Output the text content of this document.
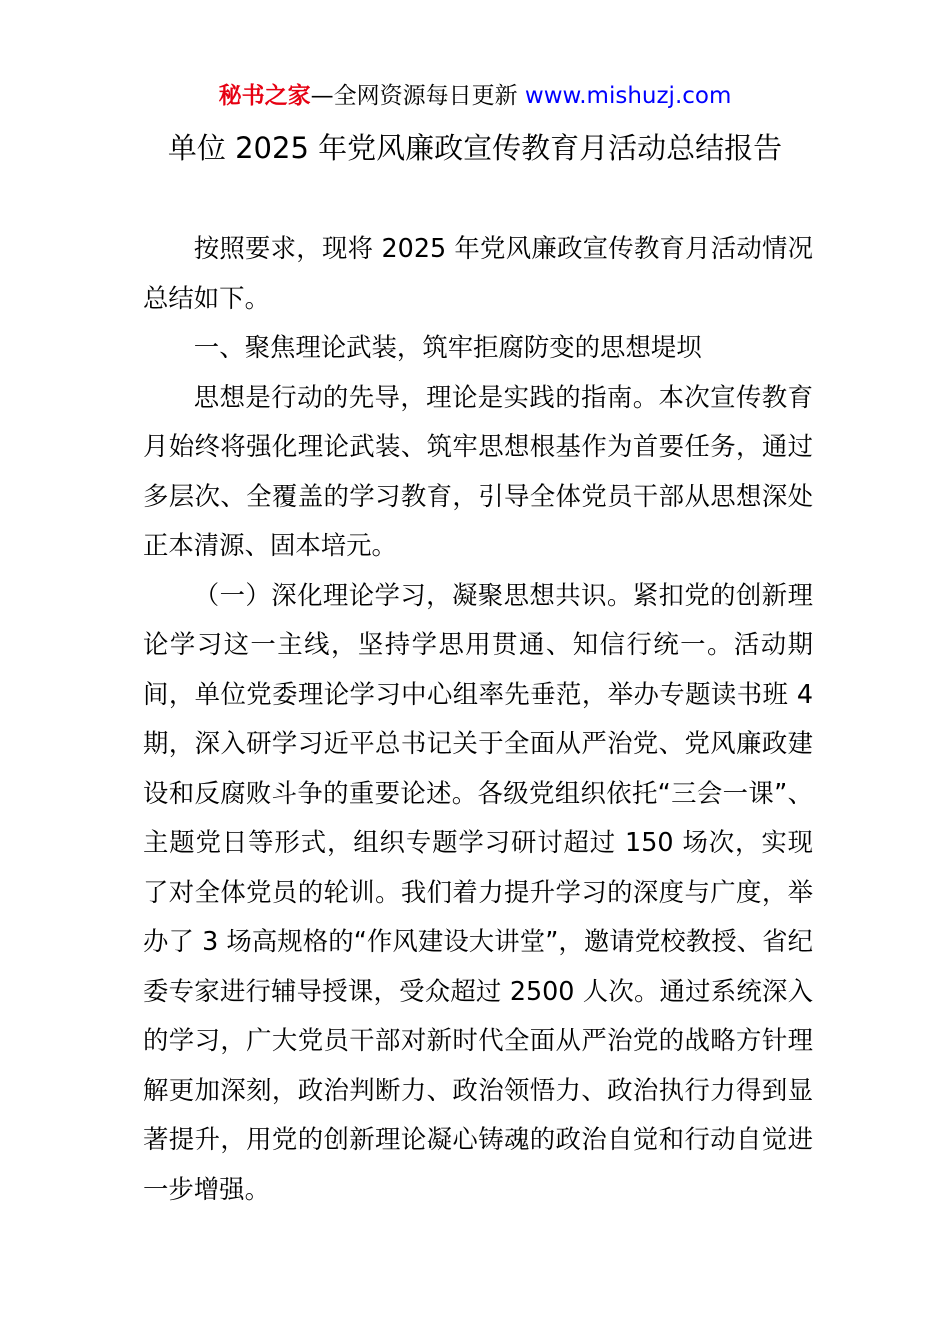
秘书之家—全网资源每日更新 www.mishuzj.com
单位 2025 年党风廉政宣传教育月活动总结报告

按照要求，现将 2025 年党风廉政宣传教育月活动情况总结如下。

一、聚焦理论武装，筑牢拒腐防变的思想堤坝

思想是行动的先导，理论是实践的指南。本次宣传教育月始终将强化理论武装、筑牢思想根基作为首要任务，通过多层次、全覆盖的学习教育，引导全体党员干部从思想深处正本清源、固本培元。

（一）深化理论学习，凝聚思想共识。紧扣党的创新理论学习这一主线，坚持学思用贯通、知信行统一。活动期间，单位党委理论学习中心组率先垂范，举办专题读书班 4 期，深入研学习近平总书记关于全面从严治党、党风廉政建设和反腐败斗争的重要论述。各级党组织依托“三会一课”、主题党日等形式，组织专题学习研讨超过 150 场次，实现了对全体党员的轮训。我们着力提升学习的深度与广度，举办了 3 场高规格的“作风建设大讲堂”，邀请党校教授、省纪委专家进行辅导授课，受众超过 2500 人次。通过系统深入的学习，广大党员干部对新时代全面从严治党的战略方针理解更加深刻，政治判断力、政治领悟力、政治执行力得到显著提升，用党的创新理论凝心铸魂的政治自觉和行动自觉进一步增强。
